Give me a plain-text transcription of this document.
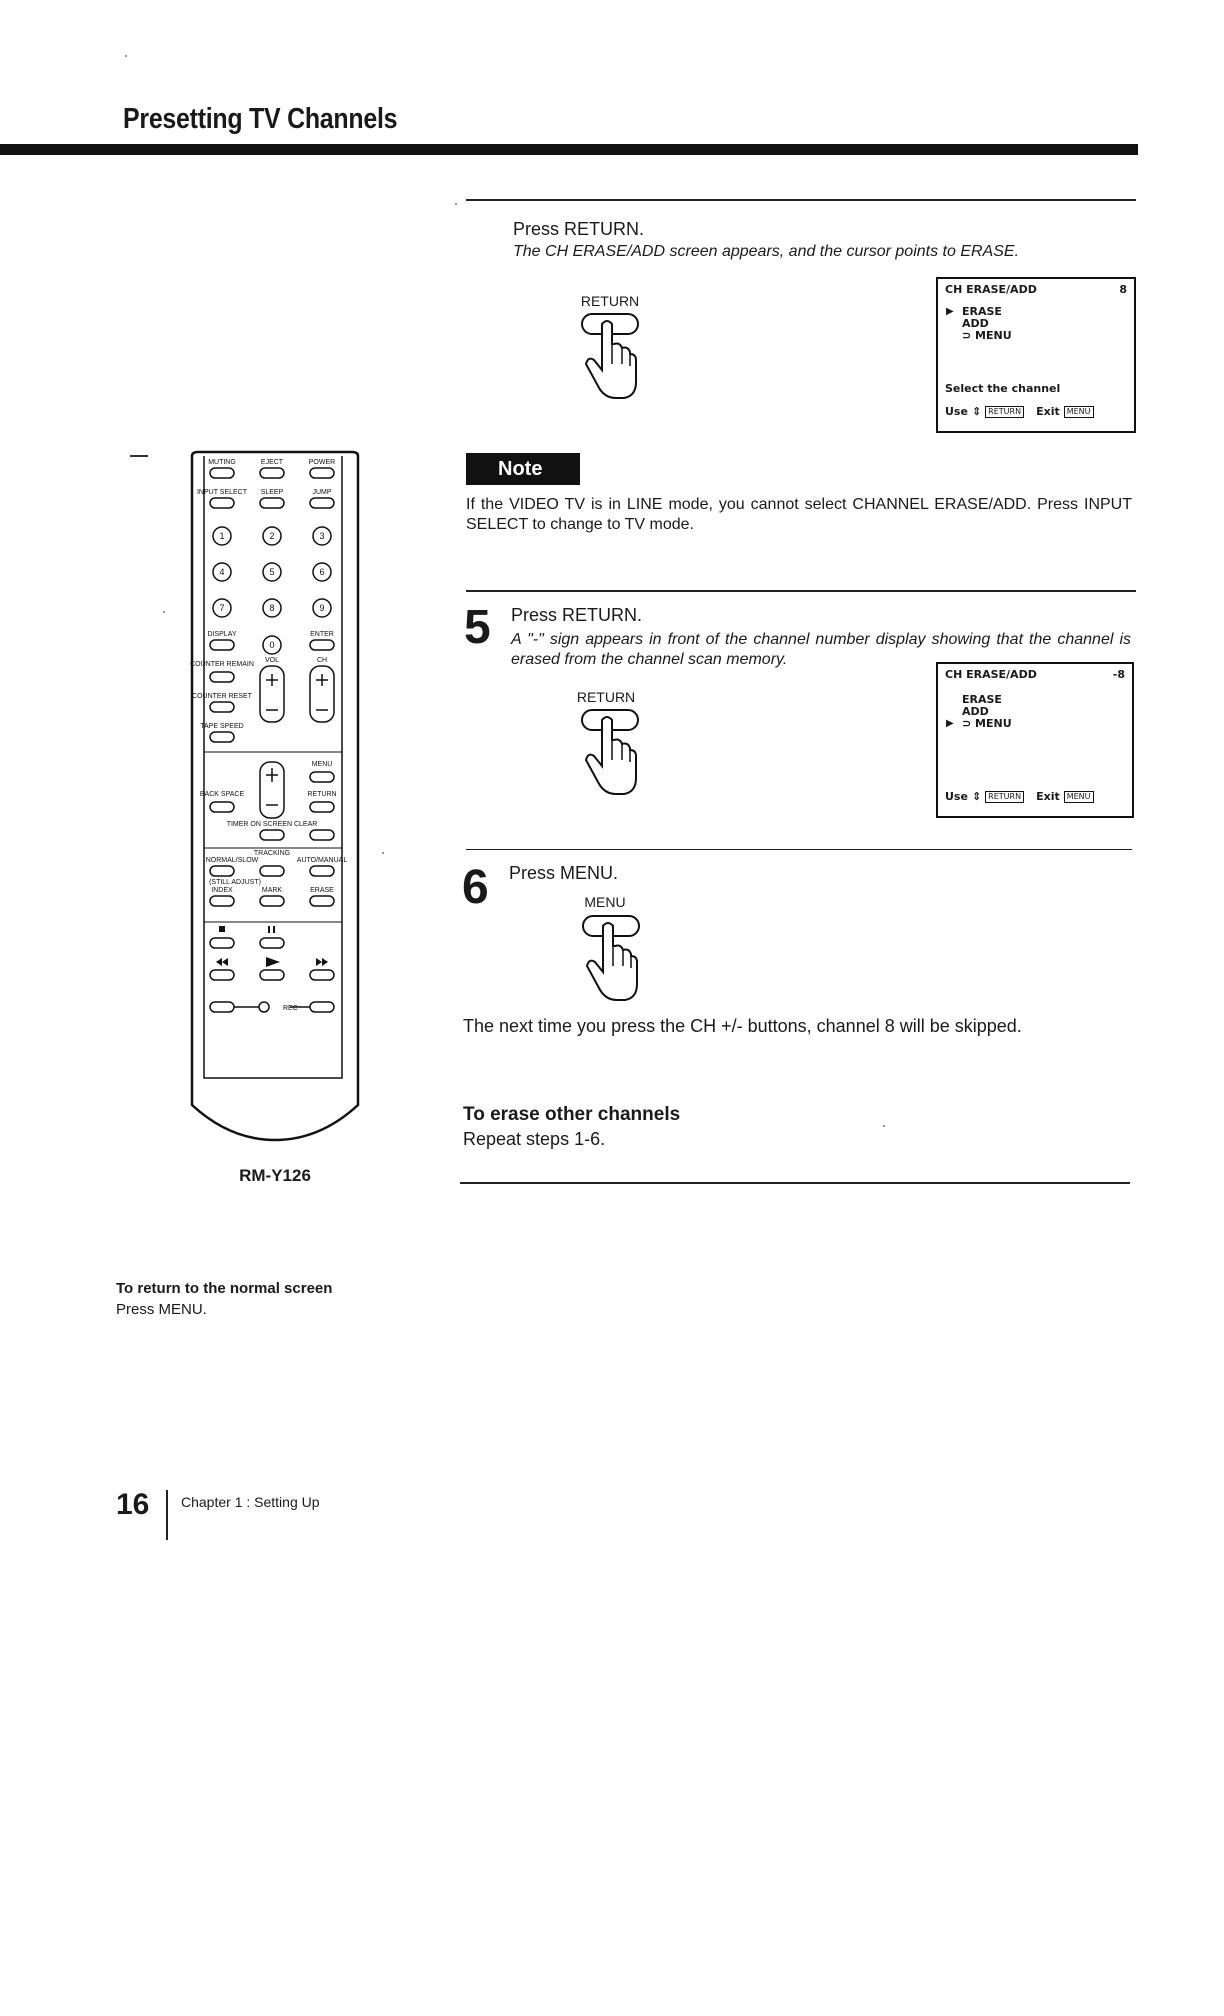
Presetting TV Channels
Press RETURN.
The CH ERASE/ADD screen appears, and the cursor points to ERASE.
RETURN
CH ERASE/ADD	8
▶ ERASE
ADD
⊃ MENU
Select the channel
Use ⇕ RETURN Exit MENU
Note
If the VIDEO TV is in LINE mode, you cannot select CHANNEL ERASE/ADD. Press INPUT SELECT to change to TV mode.
5 Press RETURN.
A "-" sign appears in front of the channel number display showing that the channel is erased from the channel scan memory.
RETURN
CH ERASE/ADD	-8
ERASE
ADD
▶ ⊃ MENU
Use ⇕ RETURN Exit MENU
6 Press MENU.
MENU
The next time you press the CH +/- buttons, channel 8 will be skipped.
To erase other channels
Repeat steps 1-6.
1	2	3
4	5	6
7	8	9
0
MUTING	EJECT	POWER
INPUT SELECT SLEEP	JUMP
DISPLAY	ENTER
COUNTER REMAIN
VOL	CH
COUNTER RESET
TAPE SPEED
MENU
BACK SPACE	RETURN
TIMER ON SCREEN CLEAR
TRACKING
NORMAL/SLOW	AUTO/MANUAL
(STILL ADJUST)
INDEX	MARK	ERASE
REC
RM-Y126
To return to the normal screen
Press MENU.
16 Chapter 1 : Setting Up
